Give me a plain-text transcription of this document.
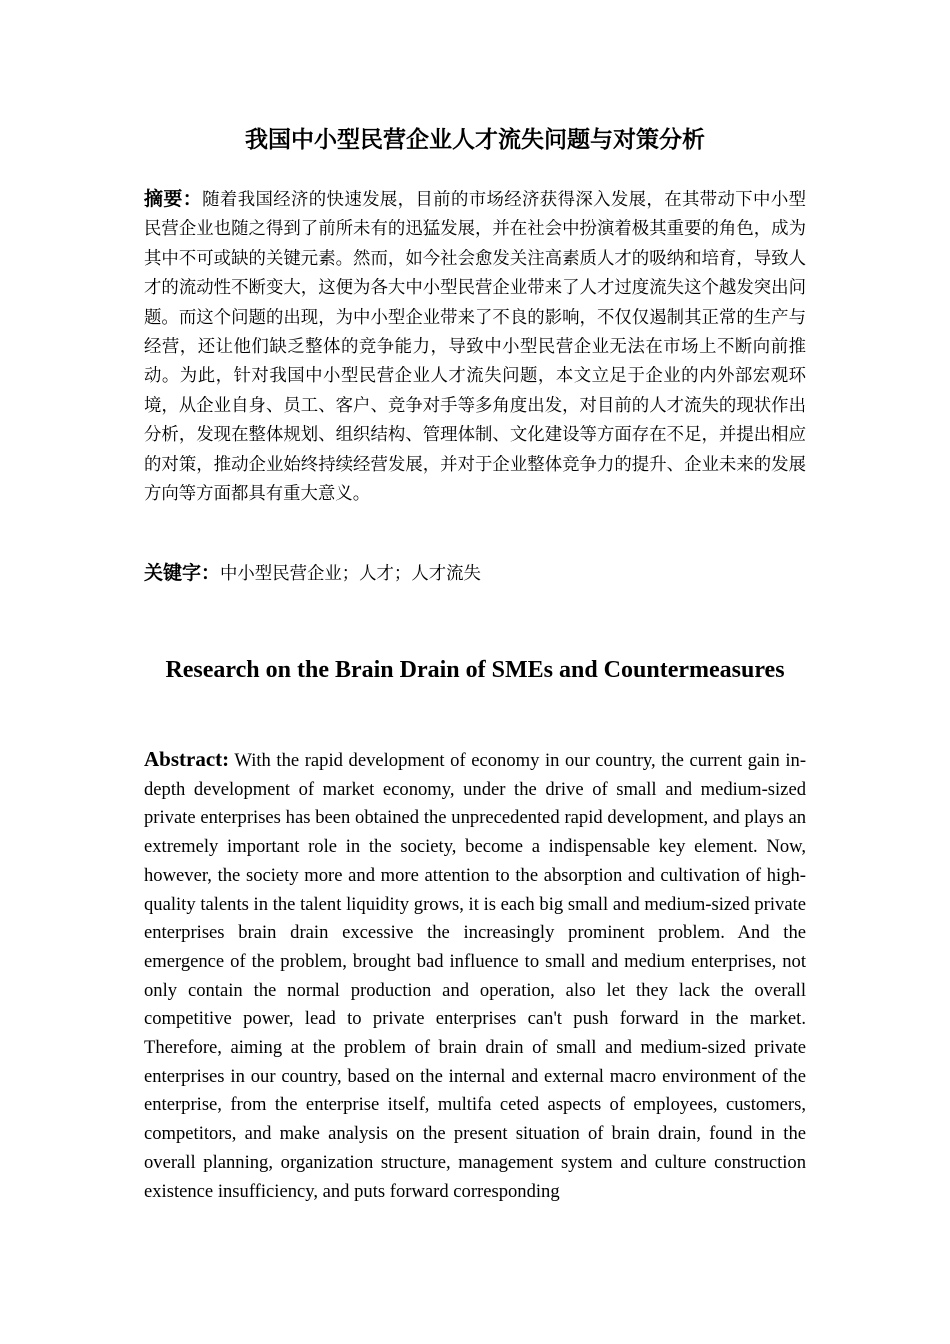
我国中小型民营企业人才流失问题与对策分析

摘要：随着我国经济的快速发展，目前的市场经济获得深入发展，在其带动下中小型民营企业也随之得到了前所未有的迅猛发展，并在社会中扮演着极其重要的角色，成为其中不可或缺的关键元素。然而，如今社会愈发关注高素质人才的吸纳和培育，导致人才的流动性不断变大，这便为各大中小型民营企业带来了人才过度流失这个越发突出问题。而这个问题的出现，为中小型企业带来了不良的影响，不仅仅遏制其正常的生产与经营，还让他们缺乏整体的竞争能力，导致中小型民营企业无法在市场上不断向前推动。为此，针对我国中小型民营企业人才流失问题，本文立足于企业的内外部宏观环境，从企业自身、员工、客户、竞争对手等多角度出发，对目前的人才流失的现状作出分析，发现在整体规划、组织结构、管理体制、文化建设等方面存在不足，并提出相应的对策，推动企业始终持续经营发展，并对于企业整体竞争力的提升、企业未来的发展方向等方面都具有重大意义。

关键字：中小型民营企业；人才；人才流失

Research on the Brain Drain of SMEs and Countermeasures

Abstract: With the rapid development of economy in our country, the current gain in-depth development of market economy, under the drive of small and medium-sized private enterprises has been obtained the unprecedented rapid development, and plays an extremely important role in the society, become a indispensable key element. Now, however, the society more and more attention to the absorption and cultivation of high-quality talents in the talent liquidity grows, it is each big small and medium-sized private enterprises brain drain excessive the increasingly prominent problem. And the emergence of the problem, brought bad influence to small and medium enterprises, not only contain the normal production and operation, also let they lack the overall competitive power, lead to private enterprises can't push forward in the market. Therefore, aiming at the problem of brain drain of small and medium-sized private enterprises in our country, based on the internal and external macro environment of the enterprise, from the enterprise itself, multifa ceted aspects of employees, customers, competitors, and make analysis on the present situation of brain drain, found in the overall planning, organization structure, management system and culture construction existence insufficiency, and puts forward corresponding
